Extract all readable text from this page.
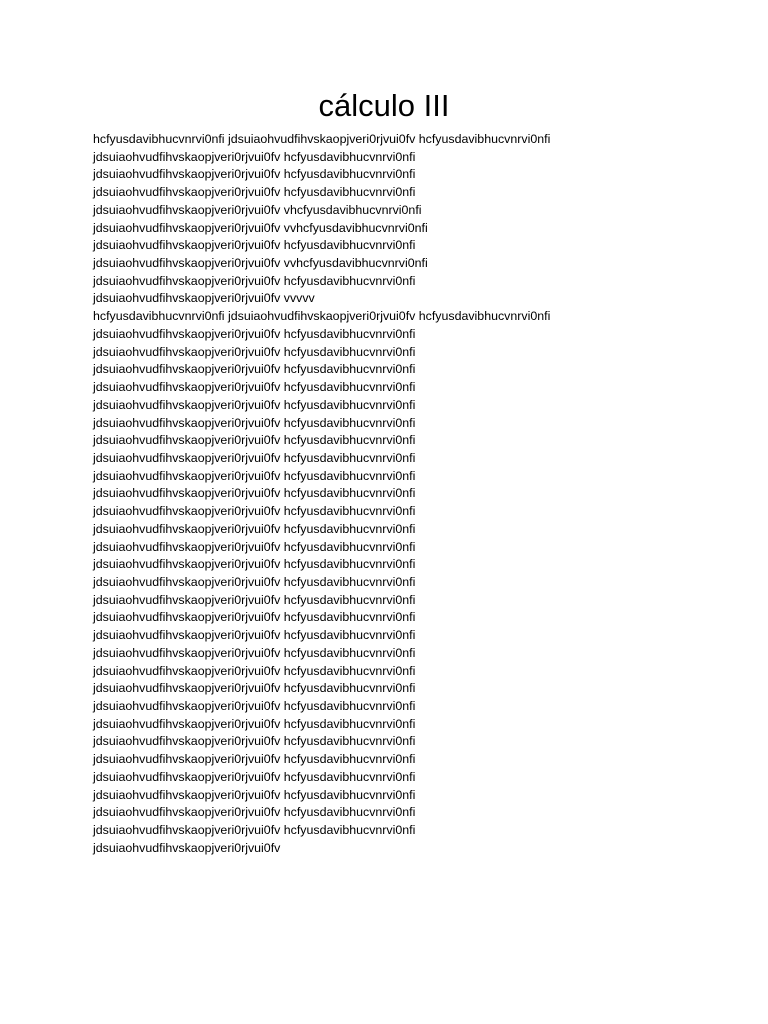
cálculo III
hcfyusdavibhucvnrvi0nfi jdsuiaohvudfihvskaopjveri0rjvui0fv hcfyusdavibhucvnrvi0nfi
jdsuiaohvudfihvskaopjveri0rjvui0fv hcfyusdavibhucvnrvi0nfi
jdsuiaohvudfihvskaopjveri0rjvui0fv hcfyusdavibhucvnrvi0nfi
jdsuiaohvudfihvskaopjveri0rjvui0fv hcfyusdavibhucvnrvi0nfi
jdsuiaohvudfihvskaopjveri0rjvui0fv vhcfyusdavibhucvnrvi0nfi
jdsuiaohvudfihvskaopjveri0rjvui0fv vvhcfyusdavibhucvnrvi0nfi
jdsuiaohvudfihvskaopjveri0rjvui0fv hcfyusdavibhucvnrvi0nfi
jdsuiaohvudfihvskaopjveri0rjvui0fv vvhcfyusdavibhucvnrvi0nfi
jdsuiaohvudfihvskaopjveri0rjvui0fv hcfyusdavibhucvnrvi0nfi
jdsuiaohvudfihvskaopjveri0rjvui0fv vvvvv
hcfyusdavibhucvnrvi0nfi jdsuiaohvudfihvskaopjveri0rjvui0fv hcfyusdavibhucvnrvi0nfi
jdsuiaohvudfihvskaopjveri0rjvui0fv hcfyusdavibhucvnrvi0nfi
jdsuiaohvudfihvskaopjveri0rjvui0fv hcfyusdavibhucvnrvi0nfi
jdsuiaohvudfihvskaopjveri0rjvui0fv hcfyusdavibhucvnrvi0nfi
jdsuiaohvudfihvskaopjveri0rjvui0fv hcfyusdavibhucvnrvi0nfi
jdsuiaohvudfihvskaopjveri0rjvui0fv hcfyusdavibhucvnrvi0nfi
jdsuiaohvudfihvskaopjveri0rjvui0fv hcfyusdavibhucvnrvi0nfi
jdsuiaohvudfihvskaopjveri0rjvui0fv hcfyusdavibhucvnrvi0nfi
jdsuiaohvudfihvskaopjveri0rjvui0fv hcfyusdavibhucvnrvi0nfi
jdsuiaohvudfihvskaopjveri0rjvui0fv hcfyusdavibhucvnrvi0nfi
jdsuiaohvudfihvskaopjveri0rjvui0fv hcfyusdavibhucvnrvi0nfi
jdsuiaohvudfihvskaopjveri0rjvui0fv hcfyusdavibhucvnrvi0nfi
jdsuiaohvudfihvskaopjveri0rjvui0fv hcfyusdavibhucvnrvi0nfi
jdsuiaohvudfihvskaopjveri0rjvui0fv hcfyusdavibhucvnrvi0nfi
jdsuiaohvudfihvskaopjveri0rjvui0fv hcfyusdavibhucvnrvi0nfi
jdsuiaohvudfihvskaopjveri0rjvui0fv hcfyusdavibhucvnrvi0nfi
jdsuiaohvudfihvskaopjveri0rjvui0fv hcfyusdavibhucvnrvi0nfi
jdsuiaohvudfihvskaopjveri0rjvui0fv hcfyusdavibhucvnrvi0nfi
jdsuiaohvudfihvskaopjveri0rjvui0fv hcfyusdavibhucvnrvi0nfi
jdsuiaohvudfihvskaopjveri0rjvui0fv hcfyusdavibhucvnrvi0nfi
jdsuiaohvudfihvskaopjveri0rjvui0fv hcfyusdavibhucvnrvi0nfi
jdsuiaohvudfihvskaopjveri0rjvui0fv hcfyusdavibhucvnrvi0nfi
jdsuiaohvudfihvskaopjveri0rjvui0fv hcfyusdavibhucvnrvi0nfi
jdsuiaohvudfihvskaopjveri0rjvui0fv hcfyusdavibhucvnrvi0nfi
jdsuiaohvudfihvskaopjveri0rjvui0fv hcfyusdavibhucvnrvi0nfi
jdsuiaohvudfihvskaopjveri0rjvui0fv hcfyusdavibhucvnrvi0nfi
jdsuiaohvudfihvskaopjveri0rjvui0fv hcfyusdavibhucvnrvi0nfi
jdsuiaohvudfihvskaopjveri0rjvui0fv hcfyusdavibhucvnrvi0nfi
jdsuiaohvudfihvskaopjveri0rjvui0fv hcfyusdavibhucvnrvi0nfi
jdsuiaohvudfihvskaopjveri0rjvui0fv hcfyusdavibhucvnrvi0nfi
jdsuiaohvudfihvskaopjveri0rjvui0fv
